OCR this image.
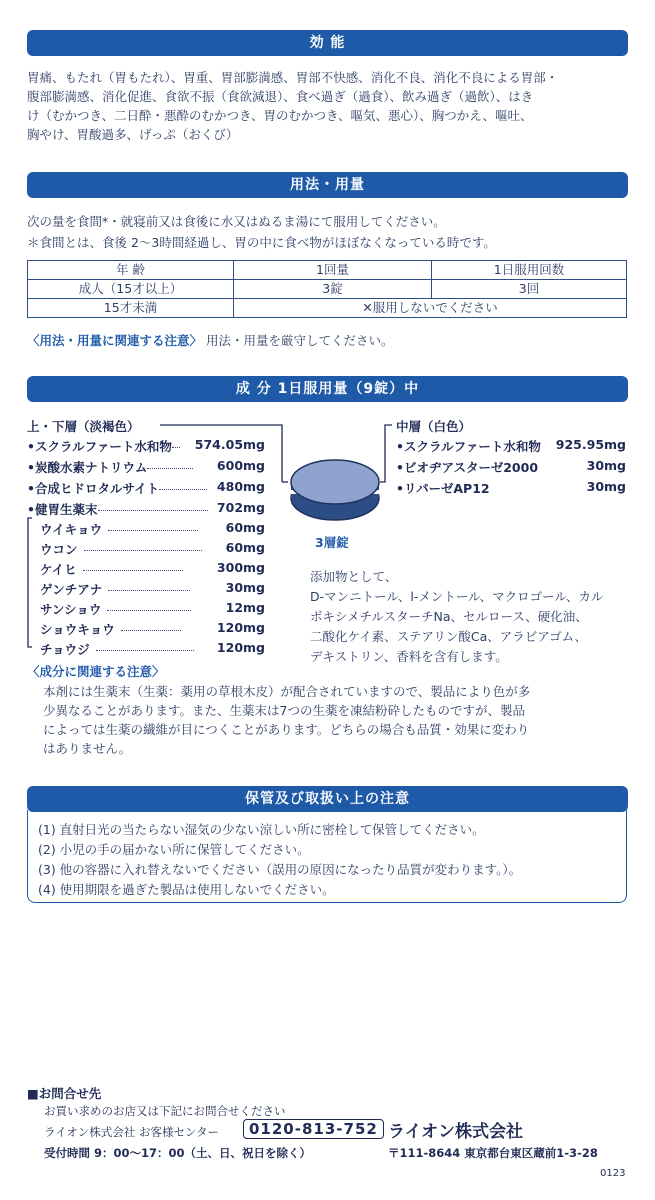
効 能
胃痛、もたれ（胃もたれ）、胃重、胃部膨満感、胃部不快感、消化不良、消化不良による胃部・
腹部膨満感、消化促進、食欲不振（食欲減退）、食べ過ぎ（過食）、飲み過ぎ（過飲）、はき
け（むかつき、二日酔・悪酔のむかつき、胃のむかつき、嘔気、悪心）、胸つかえ、嘔吐、
胸やけ、胃酸過多、げっぷ（おくび）
用法・用量
次の量を食間*・就寝前又は食後に水又はぬるま湯にて服用してください。
＊食間とは、食後 2～3時間経過し、胃の中に食べ物がほぼなくなっている時です。
年 齢	1回量	1日服用回数
成人（15才以上）	3錠	3回
15才未満	✕服用しないでください	
〈用法・用量に関連する注意〉 用法・用量を厳守してください。
成 分 1日服用量（9錠）中
上・下層（淡褐色）
•スクラルファート水和物 574.05mg
•炭酸水素ナトリウム	600mg
•合成ヒドロタルサイト	480mg
•健胃生薬末	702mg
ウイキョウ	60mg
ウコン	60mg
ケイヒ	300mg
ゲンチアナ	30mg
サンショウ	12mg
ショウキョウ	120mg
チョウジ	120mg
3層錠
中層（白色）
•スクラルファート水和物 925.95mg
•ビオヂアスターゼ2000	30mg
•リパーゼAP12	30mg
添加物として、
D-マンニトール、l-メントール、マクロゴール、カル
ボキシメチルスターチNa、セルロース、硬化油、
二酸化ケイ素、ステアリン酸Ca、アラビアゴム、
デキストリン、香料を含有します。
〈成分に関連する注意〉
本剤には生薬末（生薬：薬用の草根木皮）が配合されていますので、製品により色が多
少異なることがあります。また、生薬末は7つの生薬を凍結粉砕したものですが、製品
によっては生薬の繊維が目につくことがあります。どちらの場合も品質・効果に変わり
はありません。
保管及び取扱い上の注意
(1) 直射日光の当たらない湿気の少ない涼しい所に密栓して保管してください。
(2) 小児の手の届かない所に保管してください。
(3) 他の容器に入れ替えないでください（誤用の原因になったり品質が変わります。）。
(4) 使用期限を過ぎた製品は使用しないでください。
■お問合せ先
お買い求めのお店又は下記にお問合せください
ライオン株式会社 お客様センター	0120-813-752 ライオン株式会社
受付時間 9：00～17：00（土、日、祝日を除く）	〒111-8644 東京都台東区蔵前1-3-28
0123
